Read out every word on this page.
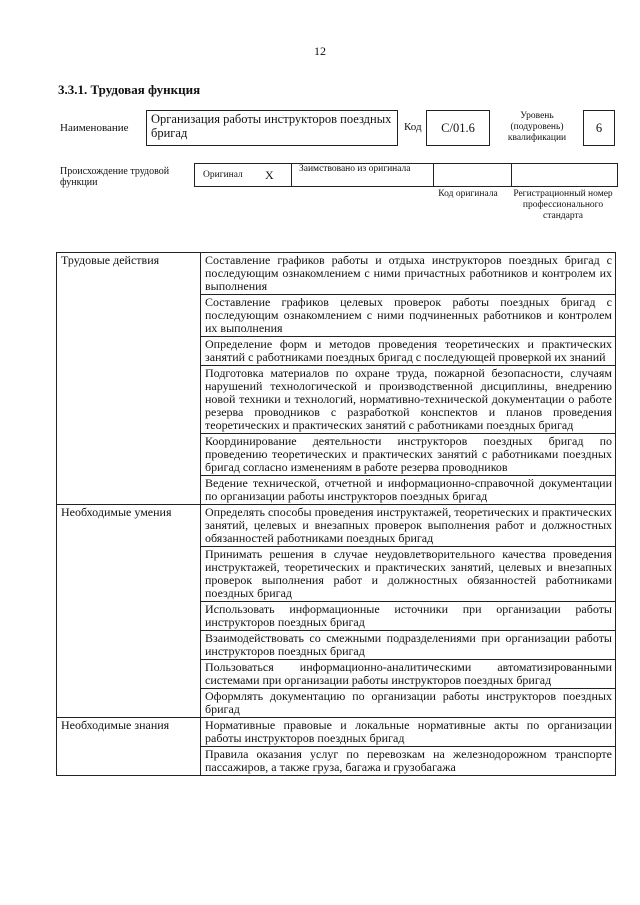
12
3.3.1. Трудовая функция
Наименование
Организация работы инструкторов поездных бригад	Код	C/01.6
Уровень (подуровень) квалификации
6
Происхождение трудовой функции
Оригинал X	Заимствовано из оригинала
Код оригинала	Регистрационный номер профессионального стандарта
Трудовые действия	Составление графиков работы и отдыха инструкторов поездных бригад с последующим ознакомлением с ними причастных работников и контролем их выполнения
	Составление графиков целевых проверок работы поездных бригад с последующим ознакомлением с ними подчиненных работников и контролем их выполнения
	Определение форм и методов проведения теоретических и практических занятий с работниками поездных бригад с последующей проверкой их знаний
	Подготовка материалов по охране труда, пожарной безопасности, случаям нарушений технологической и производственной дисциплины, внедрению новой техники и технологий, нормативно-технической документации о работе резерва проводников с разработкой конспектов и планов проведения теоретических и практических занятий с работниками поездных бригад
	Координирование деятельности инструкторов поездных бригад по проведению теоретических и практических занятий с работниками поездных бригад согласно изменениям в работе резерва проводников
	Ведение технической, отчетной и информационно-справочной документации по организации работы инструкторов поездных бригад
Необходимые умения	Определять способы проведения инструктажей, теоретических и практических занятий, целевых и внезапных проверок выполнения работ и должностных обязанностей работниками поездных бригад
	Принимать решения в случае неудовлетворительного качества проведения инструктажей, теоретических и практических занятий, целевых и внезапных проверок выполнения работ и должностных обязанностей работниками поездных бригад
	Использовать информационные источники при организации работы инструкторов поездных бригад
	Взаимодействовать со смежными подразделениями при организации работы инструкторов поездных бригад
	Пользоваться информационно-аналитическими автоматизированными системами при организации работы инструкторов поездных бригад
	Оформлять документацию по организации работы инструкторов поездных бригад
Необходимые знания	Нормативные правовые и локальные нормативные акты по организации работы инструкторов поездных бригад
	Правила оказания услуг по перевозкам на железнодорожном транспорте пассажиров, а также груза, багажа и грузобагажа
